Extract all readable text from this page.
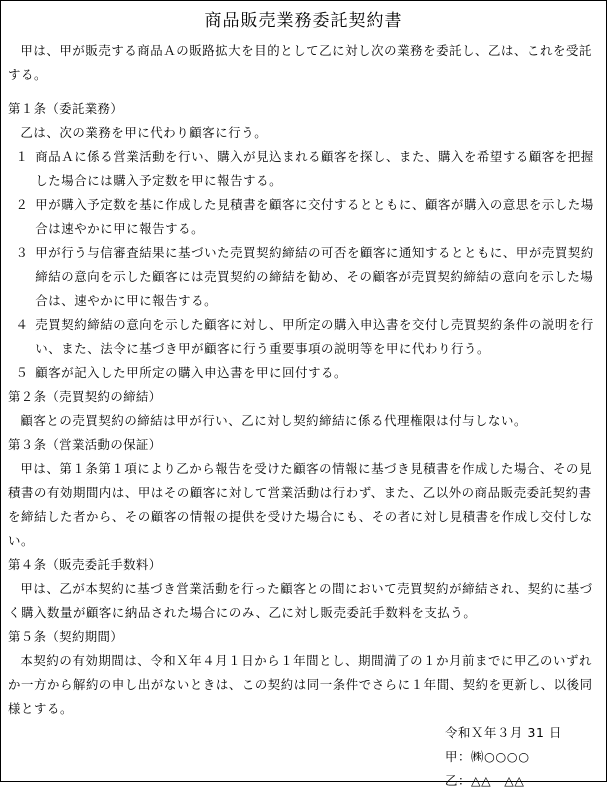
商品販売業務委託契約書

甲は、甲が販売する商品Ａの販路拡大を目的として乙に対し次の業務を委託し、乙は、これを受託する。

第１条（委託業務）

乙は、次の業務を甲に代わり顧客に行う。

１ 商品Ａに係る営業活動を行い、購入が見込まれる顧客を探し、また、購入を希望する顧客を把握した場合には購入予定数を甲に報告する。

２ 甲が購入予定数を基に作成した見積書を顧客に交付するとともに、顧客が購入の意思を示した場合は速やかに甲に報告する。

３ 甲が行う与信審査結果に基づいた売買契約締結の可否を顧客に通知するとともに、甲が売買契約締結の意向を示した顧客には売買契約の締結を勧め、その顧客が売買契約締結の意向を示した場合は、速やかに甲に報告する。

４ 売買契約締結の意向を示した顧客に対し、甲所定の購入申込書を交付し売買契約条件の説明を行い、また、法令に基づき甲が顧客に行う重要事項の説明等を甲に代わり行う。

５ 顧客が記入した甲所定の購入申込書を甲に回付する。

第２条（売買契約の締結）

顧客との売買契約の締結は甲が行い、乙に対し契約締結に係る代理権限は付与しない。

第３条（営業活動の保証）

甲は、第１条第１項により乙から報告を受けた顧客の情報に基づき見積書を作成した場合、その見積書の有効期間内は、甲はその顧客に対して営業活動は行わず、また、乙以外の商品販売委託契約書を締結した者から、その顧客の情報の提供を受けた場合にも、その者に対し見積書を作成し交付しない。

第４条（販売委託手数料）

甲は、乙が本契約に基づき営業活動を行った顧客との間において売買契約が締結され、契約に基づく購入数量が顧客に納品された場合にのみ、乙に対し販売委託手数料を支払う。

第５条（契約期間）

本契約の有効期間は、令和Ｘ年４月１日から１年間とし、期間満了の１か月前までに甲乙のいずれか一方から解約の申し出がないときは、この契約は同一条件でさらに１年間、契約を更新し、以後同様とする。

令和Ｘ年３月 31 日

甲：㈱○○○○

乙：△△　△△
